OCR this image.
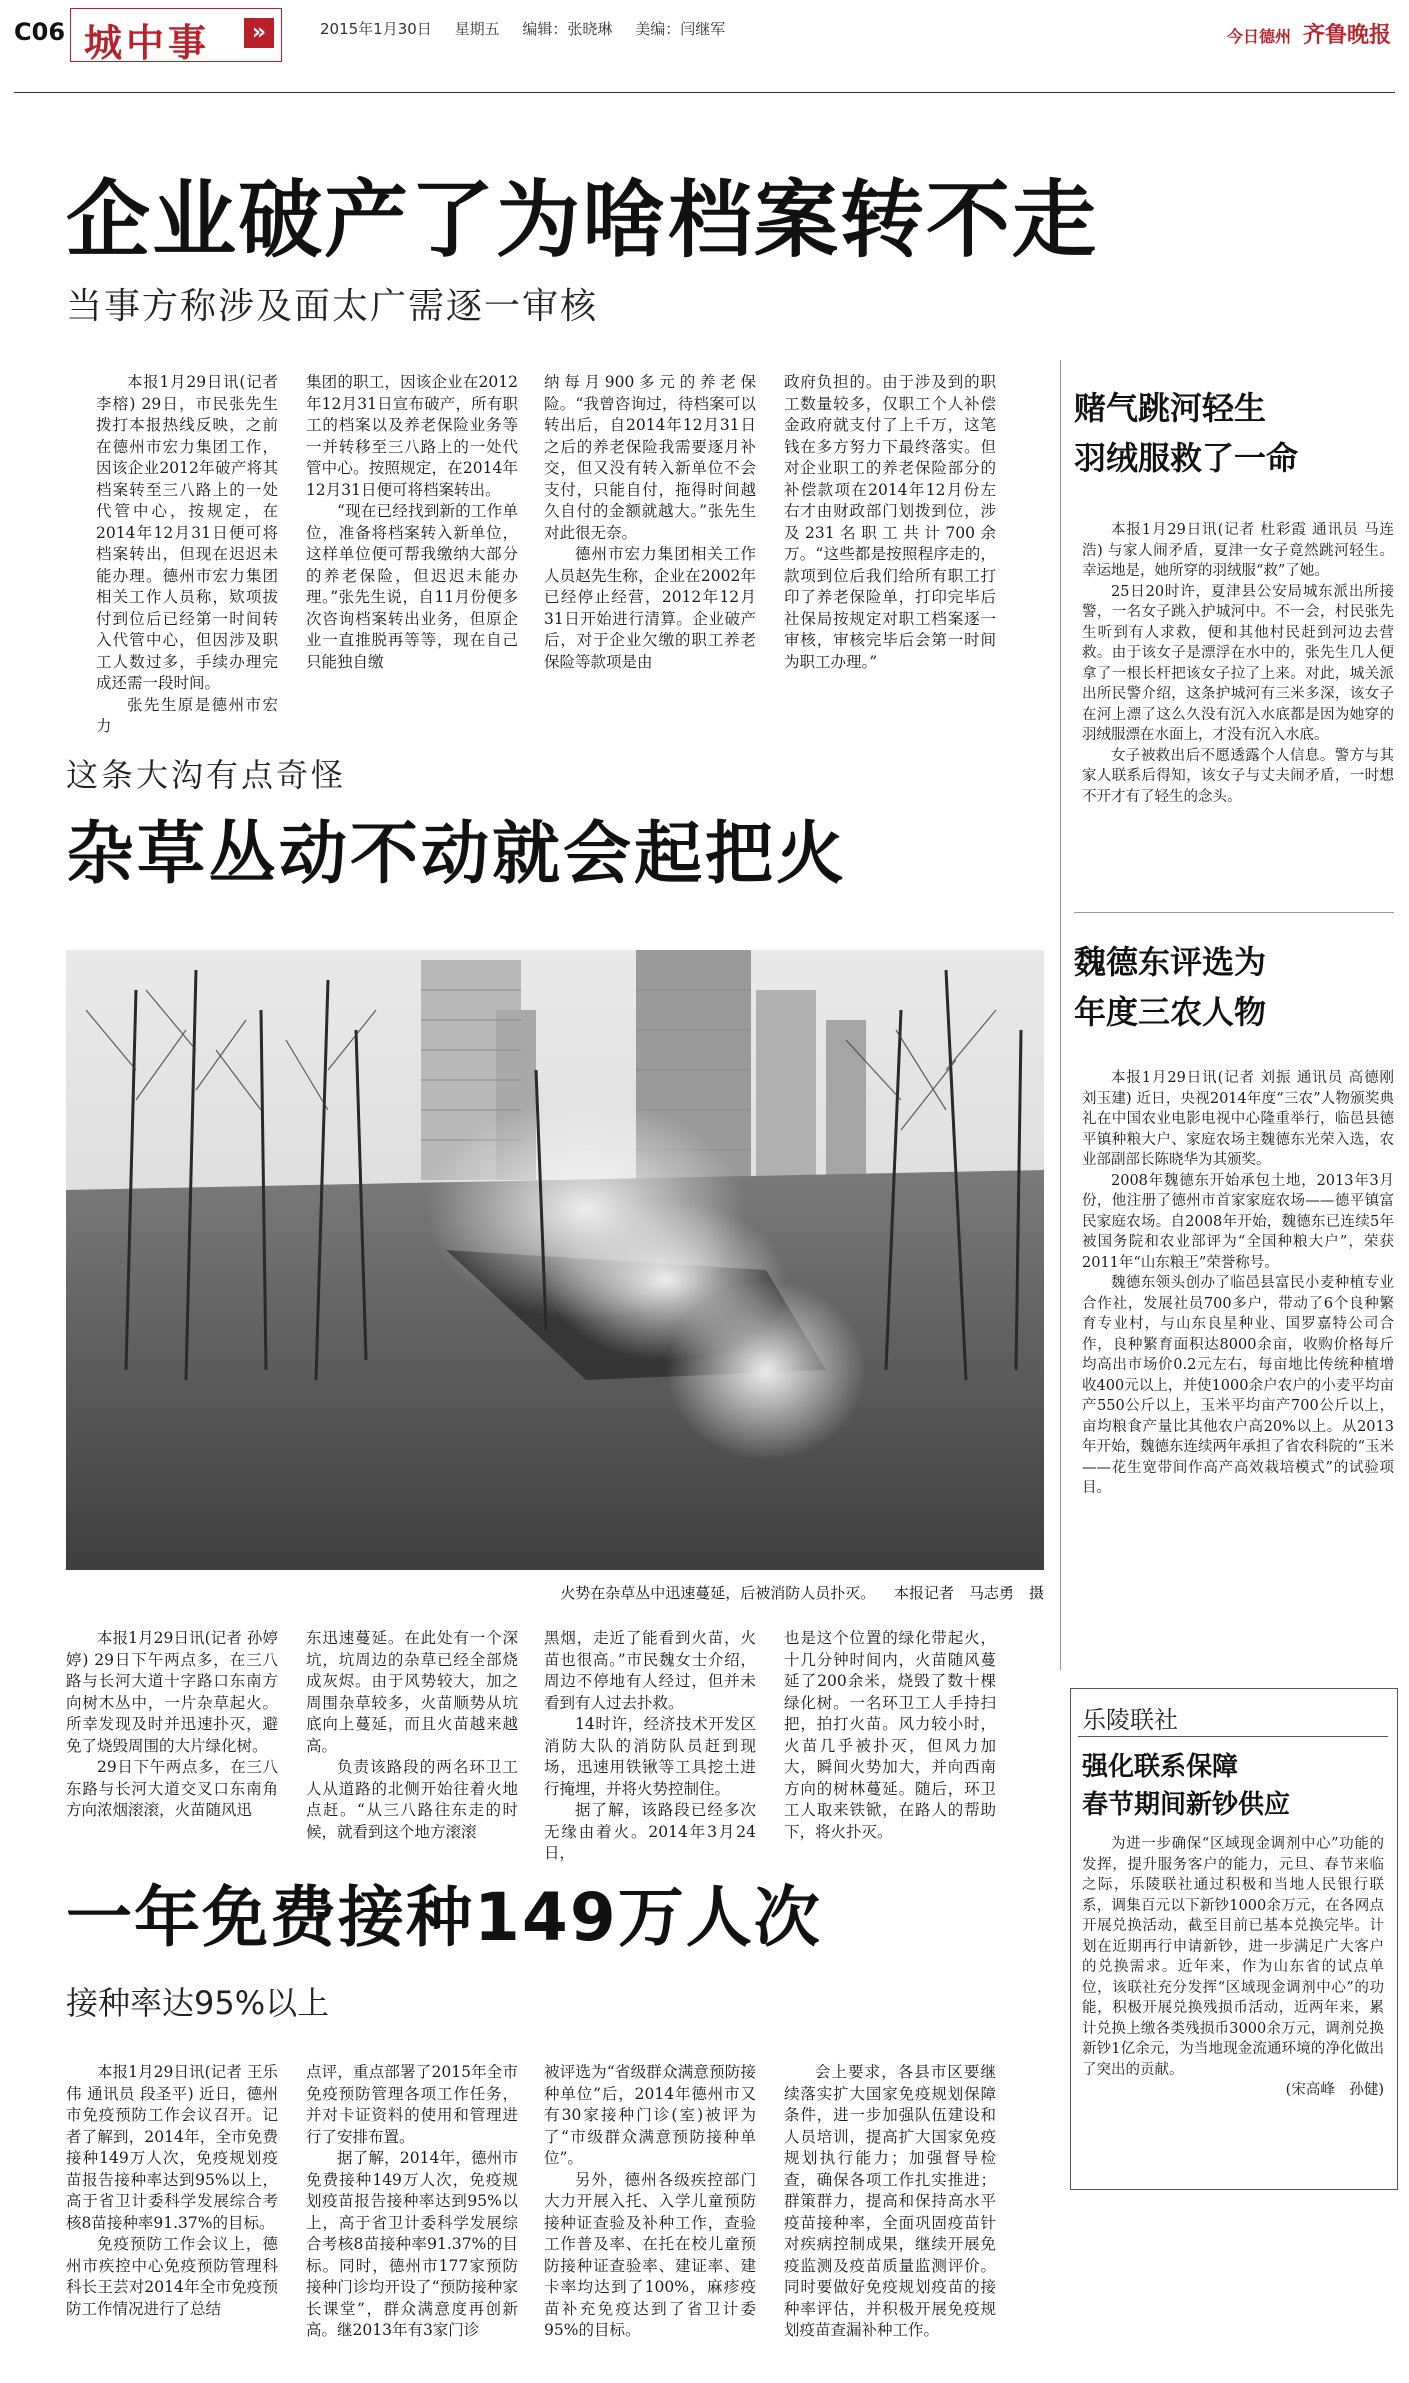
C06 城中事	»	2015年1月30日 星期五 编辑：张晓琳 美编：闫继军	今日德州 齐鲁晚报
企业破产了为啥档案转不走
当事方称涉及面太广需逐一审核

本报1月29日讯(记者 李榕) 29日，市民张先生拨打本报热线反映，之前在德州市宏力集团工作，因该企业2012年破产将其档案转至三八路上的一处代管中心，按规定，在2014年12月31日便可将档案转出，但现在迟迟未能办理。德州市宏力集团相关工作人员称，欵项拔付到位后已经第一时间转入代管中心，但因涉及职工人数过多，手续办理完成还需一段时间。

张先生原是德州市宏力

集团的职工，因该企业在2012年12月31日宣布破产，所有职工的档案以及养老保险业务等一并转移至三八路上的一处代管中心。按照规定，在2014年12月31日便可将档案转出。

“现在已经找到新的工作单位，准备将档案转入新单位，这样单位便可帮我缴纳大部分的养老保险，但迟迟未能办理。”张先生说，自11月份便多次咨询档案转出业务，但原企业一直推脱再等等，现在自己只能独自缴

纳每月900多元的养老保险。“我曾咨询过，待档案可以转出后，自2014年12月31日之后的养老保险我需要逐月补交，但又没有转入新单位不会支付，只能自付，拖得时间越久自付的金额就越大。”张先生对此很无奈。

德州市宏力集团相关工作人员赵先生称，企业在2002年已经停止经营，2012年12月31日开始进行清算。企业破产后，对于企业欠缴的职工养老保险等款项是由

政府负担的。由于涉及到的职工数量较多，仅职工个人补偿金政府就支付了上千万，这笔钱在多方努力下最终落实。但对企业职工的养老保险部分的补偿款项在2014年12月份左右才由财政部门划拨到位，涉及231名职工共计700余万。“这些都是按照程序走的，款项到位后我们给所有职工打印了养老保险单，打印完毕后社保局按规定对职工档案逐一审核，审核完毕后会第一时间为职工办理。”

这条大沟有点奇怪
杂草丛动不动就会起把火
火势在杂草丛中迅速蔓延，后被消防人员扑灭。 本报记者　马志勇　摄

本报1月29日讯(记者 孙婷婷) 29日下午两点多，在三八路与长河大道十字路口东南方向树木丛中，一片杂草起火。所幸发现及时并迅速扑灭，避免了烧毁周围的大片绿化树。

29日下午两点多，在三八东路与长河大道交叉口东南角方向浓烟滚滚，火苗随风迅

东迅速蔓延。在此处有一个深坑，坑周边的杂草已经全部烧成灰烬。由于风势较大，加之周围杂草较多，火苗顺势从坑底向上蔓延，而且火苗越来越高。

负责该路段的两名环卫工人从道路的北侧开始往着火地点赶。“从三八路往东走的时候，就看到这个地方滚滚

黑烟，走近了能看到火苗，火苗也很高。”市民魏女士介绍，周边不停地有人经过，但并未看到有人过去扑救。

14时许，经济技术开发区消防大队的消防队员赶到现场，迅速用铁锹等工具挖土进行掩埋，并将火势控制住。

据了解，该路段已经多次无缘由着火。2014年3月24日，

也是这个位置的绿化带起火，十几分钟时间内，火苗随风蔓延了200余米，烧毁了数十棵绿化树。一名环卫工人手持扫把，拍打火苗。风力较小时，火苗几乎被扑灭，但风力加大，瞬间火势加大，并向西南方向的树林蔓延。随后，环卫工人取来铁锨，在路人的帮助下，将火扑灭。

一年免费接种149万人次
接种率达95%以上

本报1月29日讯(记者 王乐伟 通讯员 段圣平) 近日，德州市免疫预防工作会议召开。记者了解到，2014年，全市免费接种149万人次，免疫规划疫苗报告接种率达到95%以上，高于省卫计委科学发展综合考核8苗接种率91.37%的目标。

免疫预防工作会议上，德州市疾控中心免疫预防管理科科长王芸对2014年全市免疫预防工作情况进行了总结

点评，重点部署了2015年全市免疫预防管理各项工作任务，并对卡证资料的使用和管理进行了安排布置。

据了解，2014年，德州市免费接种149万人次，免疫规划疫苗报告接种率达到95%以上，高于省卫计委科学发展综合考核8苗接种率91.37%的目标。同时，德州市177家预防接种门诊均开设了“预防接种家长课堂”，群众满意度再创新高。继2013年有3家门诊

被评选为“省级群众满意预防接种单位”后，2014年德州市又有30家接种门诊(室)被评为了“市级群众满意预防接种单位”。

另外，德州各级疾控部门大力开展入托、入学儿童预防接种证查验及补种工作，查验工作普及率、在托在校儿童预防接种证查验率、建证率、建卡率均达到了100%，麻疹疫苗补充免疫达到了省卫计委95%的目标。

会上要求，各县市区要继续落实扩大国家免疫规划保障条件，进一步加强队伍建设和人员培训，提高扩大国家免疫规划执行能力；加强督导检查，确保各项工作扎实推进；群策群力，提高和保持高水平疫苗接种率，全面巩固疫苗针对疾病控制成果，继续开展免疫监测及疫苗质量监测评价。同时要做好免疫规划疫苗的接种率评估，并积极开展免疫规划疫苗查漏补种工作。

赌气跳河轻生
羽绒服救了一命

本报1月29日讯(记者 杜彩霞 通讯员 马连浩) 与家人闹矛盾，夏津一女子竟然跳河轻生。幸运地是，她所穿的羽绒服“救”了她。

25日20时许，夏津县公安局城东派出所接警，一名女子跳入护城河中。不一会，村民张先生听到有人求救，便和其他村民赶到河边去营救。由于该女子是漂浮在水中的，张先生几人便拿了一根长杆把该女子拉了上来。对此，城关派出所民警介绍，这条护城河有三米多深，该女子在河上漂了这么久没有沉入水底都是因为她穿的羽绒服漂在水面上，才没有沉入水底。

女子被救出后不愿透露个人信息。警方与其家人联系后得知，该女子与丈夫闹矛盾，一时想不开才有了轻生的念头。

魏德东评选为
年度三农人物

本报1月29日讯(记者 刘振 通讯员 高德刚 刘玉建) 近日，央视2014年度“三农”人物颁奖典礼在中国农业电影电视中心隆重举行，临邑县德平镇种粮大户、家庭农场主魏德东光荣入选，农业部副部长陈晓华为其颁奖。

2008年魏德东开始承包土地，2013年3月份，他注册了德州市首家家庭农场——德平镇富民家庭农场。自2008年开始，魏德东已连续5年被国务院和农业部评为“全国种粮大户”，荣获2011年“山东粮王”荣誉称号。

魏德东领头创办了临邑县富民小麦种植专业合作社，发展社员700多户，带动了6个良种繁育专业村，与山东良星种业、国罗嘉特公司合作，良种繁育面积达8000余亩，收购价格每斤均高出市场价0.2元左右，每亩地比传统种植增收400元以上，并使1000余户农户的小麦平均亩产550公斤以上，玉米平均亩产700公斤以上，亩均粮食产量比其他农户高20%以上。从2013年开始，魏德东连续两年承担了省农科院的“玉米——花生宽带间作高产高效栽培模式”的试验项目。

乐陵联社
强化联系保障
春节期间新钞供应

为进一步确保“区域现金调剂中心”功能的发挥，提升服务客户的能力，元旦、春节来临之际，乐陵联社通过积极和当地人民银行联系，调集百元以下新钞1000余万元，在各网点开展兑换活动，截至目前已基本兑换完毕。计划在近期再行申请新钞，进一步满足广大客户的兑换需求。近年来，作为山东省的试点单位，该联社充分发挥“区域现金调剂中心”的功能，积极开展兑换残损币活动，近两年来，累计兑换上缴各类残损币3000余万元，调剂兑换新钞1亿余元，为当地现金流通环境的净化做出了突出的贡献。

(宋高峰　孙健)
